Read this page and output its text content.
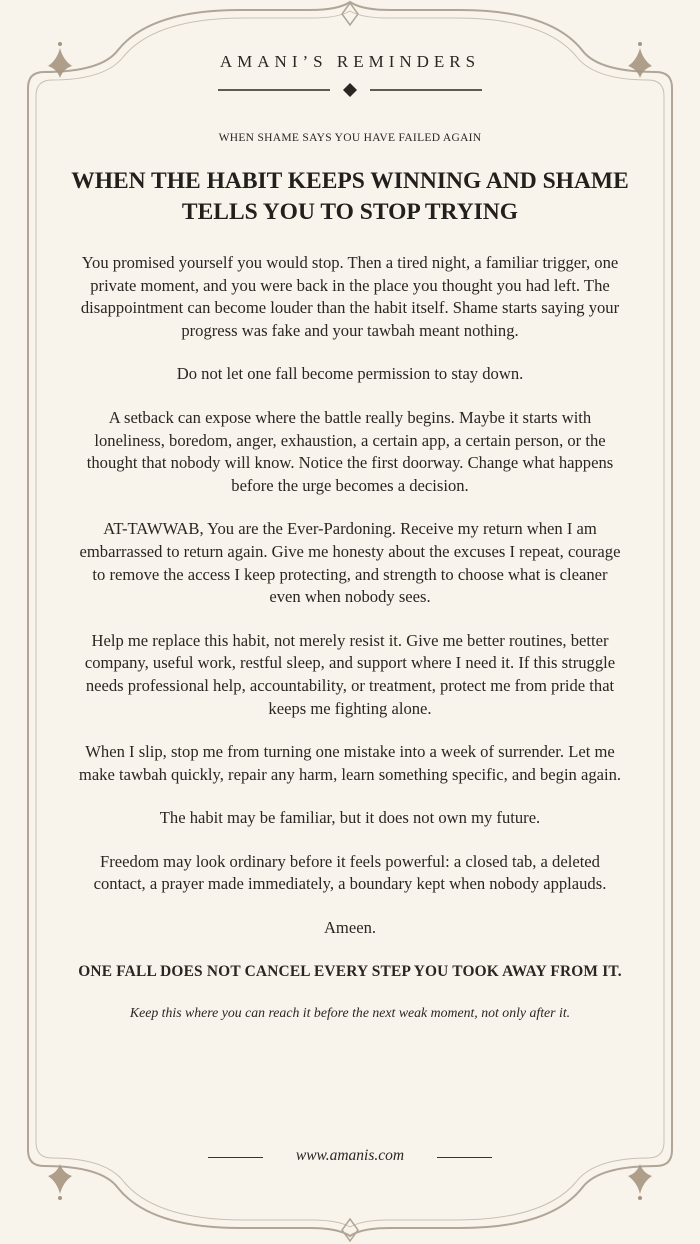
AMANI’S REMINDERS
WHEN SHAME SAYS YOU HAVE FAILED AGAIN
WHEN THE HABIT KEEPS WINNING AND SHAME TELLS YOU TO STOP TRYING

You promised yourself you would stop. Then a tired night, a familiar trigger, one private moment, and you were back in the place you thought you had left. The disappointment can become louder than the habit itself. Shame starts saying your progress was fake and your tawbah meant nothing.

Do not let one fall become permission to stay down.

A setback can expose where the battle really begins. Maybe it starts with loneliness, boredom, anger, exhaustion, a certain app, a certain person, or the thought that nobody will know. Notice the first doorway. Change what happens before the urge becomes a decision.

AT-TAWWAB, You are the Ever-Pardoning. Receive my return when I am embarrassed to return again. Give me honesty about the excuses I repeat, courage to remove the access I keep protecting, and strength to choose what is cleaner even when nobody sees.

Help me replace this habit, not merely resist it. Give me better routines, better company, useful work, restful sleep, and support where I need it. If this struggle needs professional help, accountability, or treatment, protect me from pride that keeps me fighting alone.

When I slip, stop me from turning one mistake into a week of surrender. Let me make tawbah quickly, repair any harm, learn something specific, and begin again.

The habit may be familiar, but it does not own my future.

Freedom may look ordinary before it feels powerful: a closed tab, a deleted contact, a prayer made immediately, a boundary kept when nobody applauds.

Ameen.

ONE FALL DOES NOT CANCEL EVERY STEP YOU TOOK AWAY FROM IT.

Keep this where you can reach it before the next weak moment, not only after it.

www.amanis.com
